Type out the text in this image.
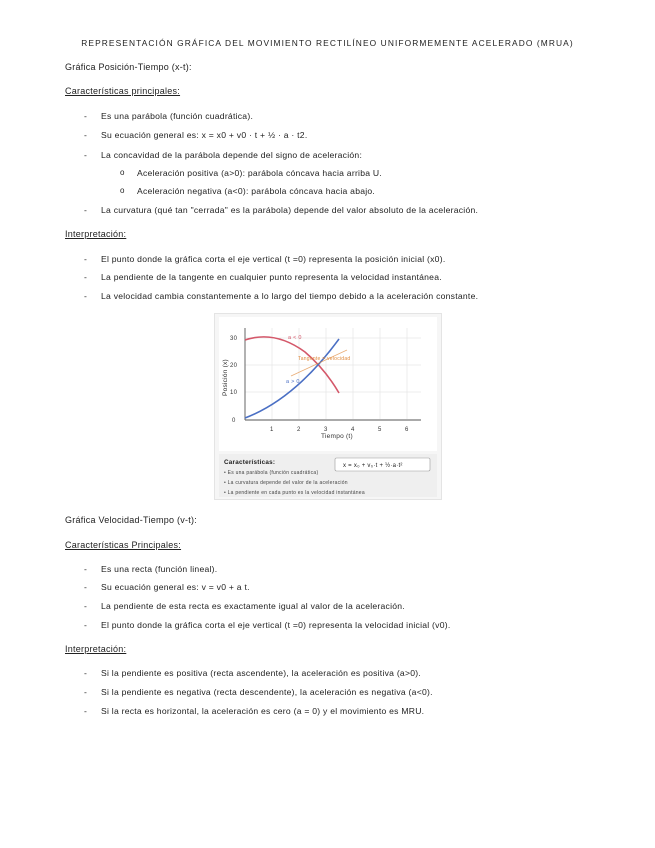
REPRESENTACIÓN GRÁFICA DEL MOVIMIENTO RECTILÍNEO UNIFORMEMENTE ACELERADO (MRUA)
Gráfica Posición-Tiempo (x-t):
Características principales:
- Es una parábola (función cuadrática).
- Su ecuación general es: x = x0 + v0 · t + ½ · a · t2.
- La concavidad de la parábola depende del signo de aceleración:
o Aceleración positiva (a>0): parábola cóncava hacia arriba U.
o Aceleración negativa (a<0): parábola cóncava hacia abajo.
- La curvatura (qué tan "cerrada" es la parábola) depende del valor absoluto de la aceleración.
Interpretación:
- El punto donde la gráfica corta el eje vertical (t =0) representa la posición inicial (x0).
- La pendiente de la tangente en cualquier punto representa la velocidad instantánea.
- La velocidad cambia constantemente a lo largo del tiempo debido a la aceleración constante.
a < 0
a > 0
Tangente = velocidad
0
10
20
30
1	2	3	4	5	6
Tiempo (t)
Posición (x)
Características:	x = x₀ + v₀·t + ½·a·t²
• Es una parábola (función cuadrática)
• La curvatura depende del valor de la aceleración
• La pendiente en cada punto es la velocidad instantánea
Gráfica Velocidad-Tiempo (v-t):
Características Principales:
- Es una recta (función lineal).
- Su ecuación general es: v = v0 + a t.
- La pendiente de esta recta es exactamente igual al valor de la aceleración.
- El punto donde la gráfica corta el eje vertical (t =0) representa la velocidad inicial (v0).
Interpretación:
- Si la pendiente es positiva (recta ascendente), la aceleración es positiva (a>0).
- Si la pendiente es negativa (recta descendente), la aceleración es negativa (a<0).
- Si la recta es horizontal, la aceleración es cero (a = 0) y el movimiento es MRU.
